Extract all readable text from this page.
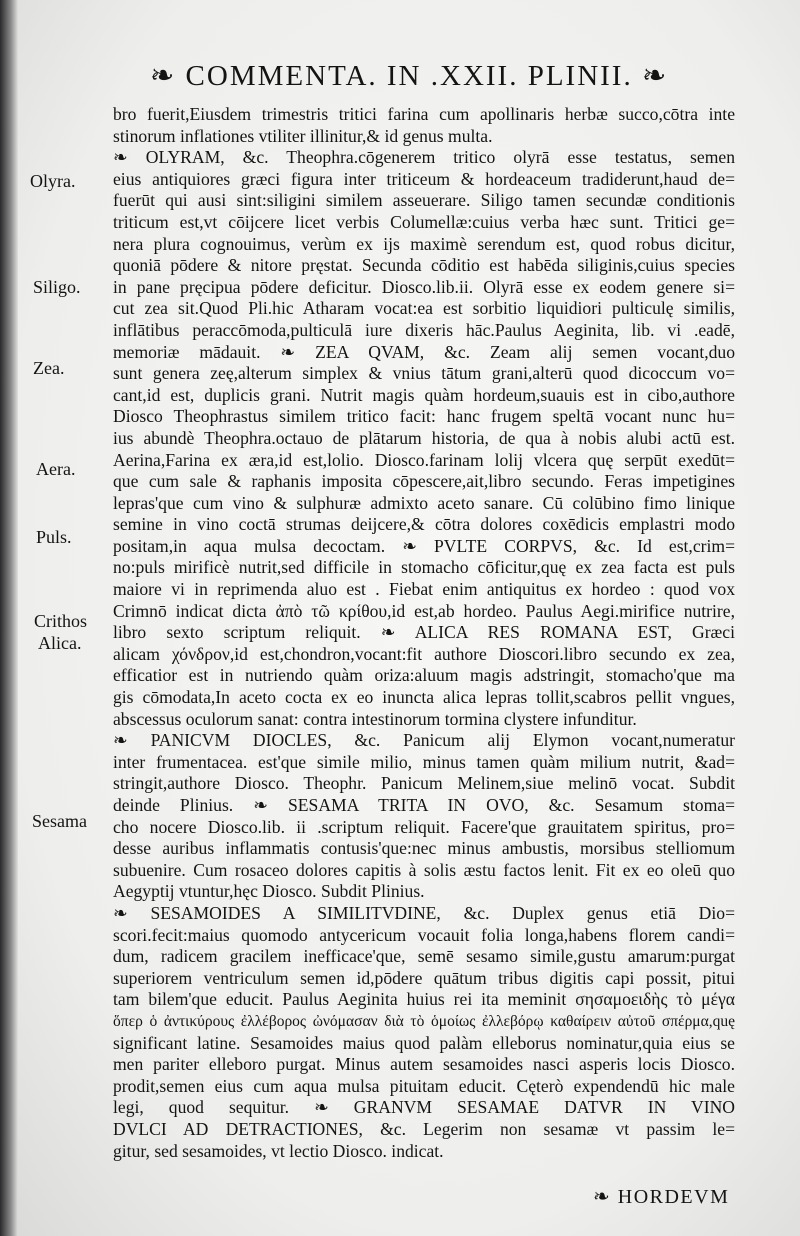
❧ COMMENTA. IN .XXII. PLINII. ❧
Olyra.
Siligo.
Zea.
Aera.
Puls.
Crithos
Alica.
Sesama
bro fuerit,Eiusdem trimestris tritici farina cum apollinaris herbæ succo,cōtra inte
stinorum inflationes vtiliter illinitur,& id genus multa.
❧ OLYRAM, &c. Theophra.cōgenerem tritico olyrā esse testatus, semen
eius antiquiores græci figura inter triticeum & hordeaceum tradiderunt,haud de=
fuerūt qui ausi sint:siligini similem asseuerare. Siligo tamen secundæ conditionis
triticum est,vt cōijcere licet verbis Columellæ:cuius verba hæc sunt. Tritici ge=
nera plura cognouimus, verùm ex ijs maximè serendum est, quod robus dicitur,
quoniā pōdere & nitore pręstat. Secunda cōditio est habēda siliginis,cuius species
in pane pręcipua pōdere deficitur. Diosco.lib.ii. Olyrā esse ex eodem genere si=
cut zea sit.Quod Pli.hic Atharam vocat:ea est sorbitio liquidiori pulticulę similis,
inflātibus peraccōmoda,pulticulā iure dixeris hāc.Paulus Aeginita, lib. vi .eadē,
memoriæ mādauit. ❧ ZEA QVAM, &c. Zeam alij semen vocant,duo
sunt genera zeę,alterum simplex & vnius tātum grani,alterū quod dicoccum vo=
cant,id est, duplicis grani. Nutrit magis quàm hordeum,suauis est in cibo,authore
Diosco Theophrastus similem tritico facit: hanc frugem speltā vocant nunc hu=
ius abundè Theophra.octauo de plātarum historia, de qua à nobis alubi actū est.
Aerina,Farina ex æra,id est,lolio. Diosco.farinam lolij vlcera quę serpūt exedūt=
que cum sale & raphanis imposita cōpescere,ait,libro secundo. Feras impetigines
lepras'que cum vino & sulphuræ admixto aceto sanare. Cū colūbino fimo linique
semine in vino coctā strumas deijcere,& cōtra dolores coxēdicis emplastri modo
positam,in aqua mulsa decoctam. ❧ PVLTE CORPVS, &c. Id est,crim=
no:puls mirificè nutrit,sed difficile in stomacho cōficitur,quę ex zea facta est puls
maiore vi in reprimenda aluo est . Fiebat enim antiquitus ex hordeo : quod vox
Crimnō indicat dicta ἀπὸ τῶ κρίθου,id est,ab hordeo. Paulus Aegi.mirifice nutrire,
libro sexto scriptum reliquit. ❧ ALICA RES ROMANA EST, Græci
alicam χόνδρον,id est,chondron,vocant:fit authore Dioscori.libro secundo ex zea,
efficatior est in nutriendo quàm oriza:aluum magis adstringit, stomacho'que ma
gis cōmodata,In aceto cocta ex eo inuncta alica lepras tollit,scabros pellit vngues,
abscessus oculorum sanat: contra intestinorum tormina clystere infunditur.
❧ PANICVM DIOCLES, &c. Panicum alij Elymon vocant,numeratur
inter frumentacea. est'que simile milio, minus tamen quàm milium nutrit, &ad=
stringit,authore Diosco. Theophr. Panicum Melinem,siue melinō vocat. Subdit
deinde Plinius. ❧ SESAMA TRITA IN OVO, &c. Sesamum stoma=
cho nocere Diosco.lib. ii .scriptum reliquit. Facere'que grauitatem spiritus, pro=
desse auribus inflammatis contusis'que:nec minus ambustis, morsibus stelliomum
subuenire. Cum rosaceo dolores capitis à solis æstu factos lenit. Fit ex eo oleū quo
Aegyptij vtuntur,hęc Diosco. Subdit Plinius.
❧ SESAMOIDES A SIMILITVDINE, &c. Duplex genus etiā Dio=
scori.fecit:maius quomodo antycericum vocauit folia longa,habens florem candi=
dum, radicem gracilem inefficace'que, semē sesamo simile,gustu amarum:purgat
superiorem ventriculum semen id,pōdere quātum tribus digitis capi possit, pitui
tam bilem'que educit. Paulus Aeginita huius rei ita meminit σησαμοειδὴς τὸ μέγα
ὅπερ ὁ ἀντικύρους ἐλλέβορος ὠνόμασαν διὰ τὸ ὁμοίως ἐλλεβόρῳ καθαίρειν αὐτοῦ σπέρμα,quę
significant latine. Sesamoides maius quod palàm elleborus nominatur,quia eius se
men pariter elleboro purgat. Minus autem sesamoides nasci asperis locis Diosco.
prodit,semen eius cum aqua mulsa pituitam educit. Cęterò expendendū hic male
legi, quod sequitur. ❧ GRANVM SESAMAE DATVR IN VINO
DVLCI AD DETRACTIONES, &c. Legerim non sesamæ vt passim le=
gitur, sed sesamoides, vt lectio Diosco. indicat.
❧ HORDEVM
